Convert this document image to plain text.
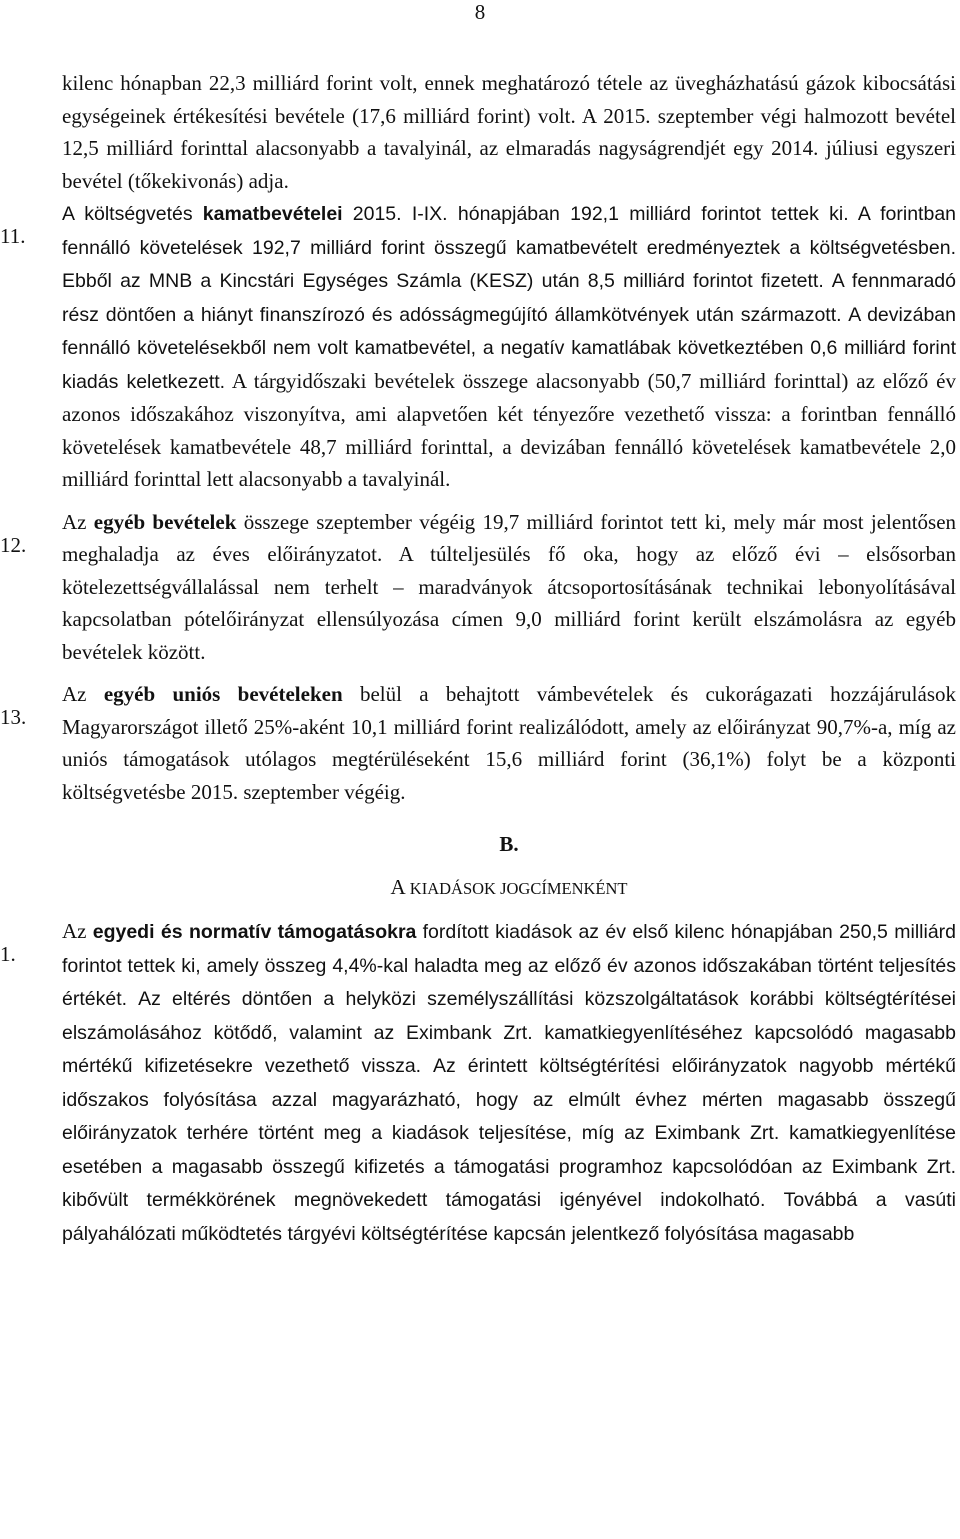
8

kilenc hónapban 22,3 milliárd forint volt, ennek meghatározó tétele az üvegházhatású gázok kibocsátási egységeinek értékesítési bevétele (17,6 milliárd forint) volt. A 2015. szeptember végi halmozott bevétel 12,5 milliárd forinttal alacsonyabb a tavalyinál, az elmaradás nagyságrendjét egy 2014. júliusi egyszeri bevétel (tőkekivonás) adja.

11.
A költségvetés kamatbevételei 2015. I-IX. hónapjában 192,1 milliárd forintot tettek ki. A forintban fennálló követelések 192,7 milliárd forint összegű kamatbevételt eredményeztek a költségvetésben. Ebből az MNB a Kincstári Egységes Számla (KESZ) után 8,5 milliárd forintot fizetett. A fennmaradó rész döntően a hiányt finanszírozó és adósságmegújító államkötvények után származott. A devizában fennálló követelésekből nem volt kamatbevétel, a negatív kamatlábak következtében 0,6 milliárd forint kiadás keletkezett. A tárgyidőszaki bevételek összege alacsonyabb (50,7 milliárd forinttal) az előző év azonos időszakához viszonyítva, ami alapvetően két tényezőre vezethető vissza: a forintban fennálló követelések kamatbevétele 48,7 milliárd forinttal, a devizában fennálló követelések kamatbevétele 2,0 milliárd forinttal lett alacsonyabb a tavalyinál.

12.
Az egyéb bevételek összege szeptember végéig 19,7 milliárd forintot tett ki, mely már most jelentősen meghaladja az éves előirányzatot. A túlteljesülés fő oka, hogy az előző évi – elsősorban kötelezettségvállalással nem terhelt – maradványok átcsoportosításának technikai lebonyolításával kapcsolatban pótelőirányzat ellensúlyozása címen 9,0 milliárd forint került elszámolásra az egyéb bevételek között.

13.
Az egyéb uniós bevételeken belül a behajtott vámbevételek és cukorágazati hozzájárulások Magyarországot illető 25%-aként 10,1 milliárd forint realizálódott, amely az előirányzat 90,7%-a, míg az uniós támogatások utólagos megtérüléseként 15,6 milliárd forint (36,1%) folyt be a központi költségvetésbe 2015. szeptember végéig.

B.
A KIADÁSOK JOGCÍMENKÉNT

1.
Az egyedi és normatív támogatásokra fordított kiadások az év első kilenc hónapjában 250,5 milliárd forintot tettek ki, amely összeg 4,4%-kal haladta meg az előző év azonos időszakában történt teljesítés értékét. Az eltérés döntően a helyközi személyszállítási közszolgáltatások korábbi költségtérítései elszámolásához kötődő, valamint az Eximbank Zrt. kamatkiegyenlítéséhez kapcsolódó magasabb mértékű kifizetésekre vezethető vissza. Az érintett költségtérítési előirányzatok nagyobb mértékű időszakos folyósítása azzal magyarázható, hogy az elmúlt évhez mérten magasabb összegű előirányzatok terhére történt meg a kiadások teljesítése, míg az Eximbank Zrt. kamatkiegyenlítése esetében a magasabb összegű kifizetés a támogatási programhoz kapcsolódóan az Eximbank Zrt. kibővült termékkörének megnövekedett támogatási igényével indokolható. Továbbá a vasúti pályahálózati működtetés tárgyévi költségtérítése kapcsán jelentkező folyósítása magasabb
